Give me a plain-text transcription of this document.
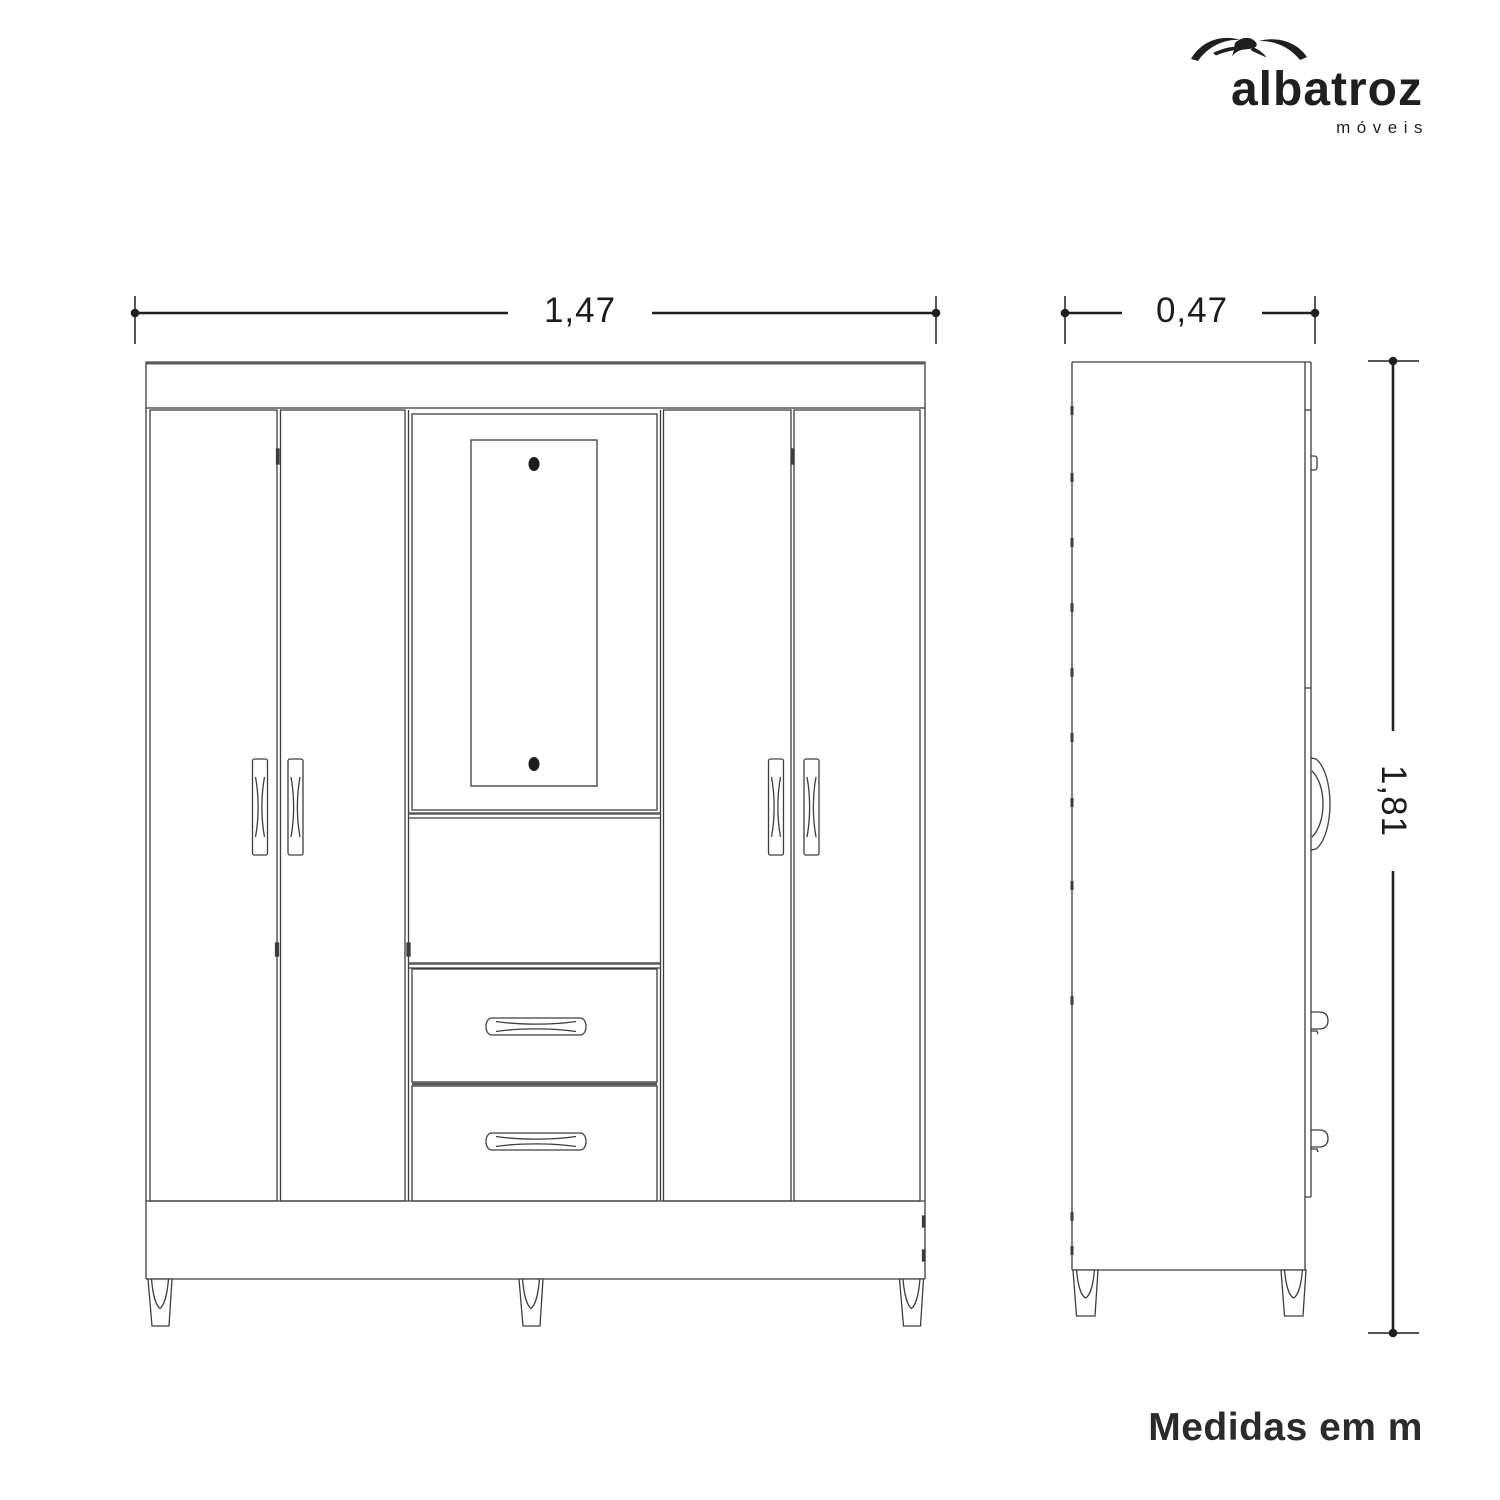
1,47	0,47
1,81
albatroz
móveis
Medidas em m
